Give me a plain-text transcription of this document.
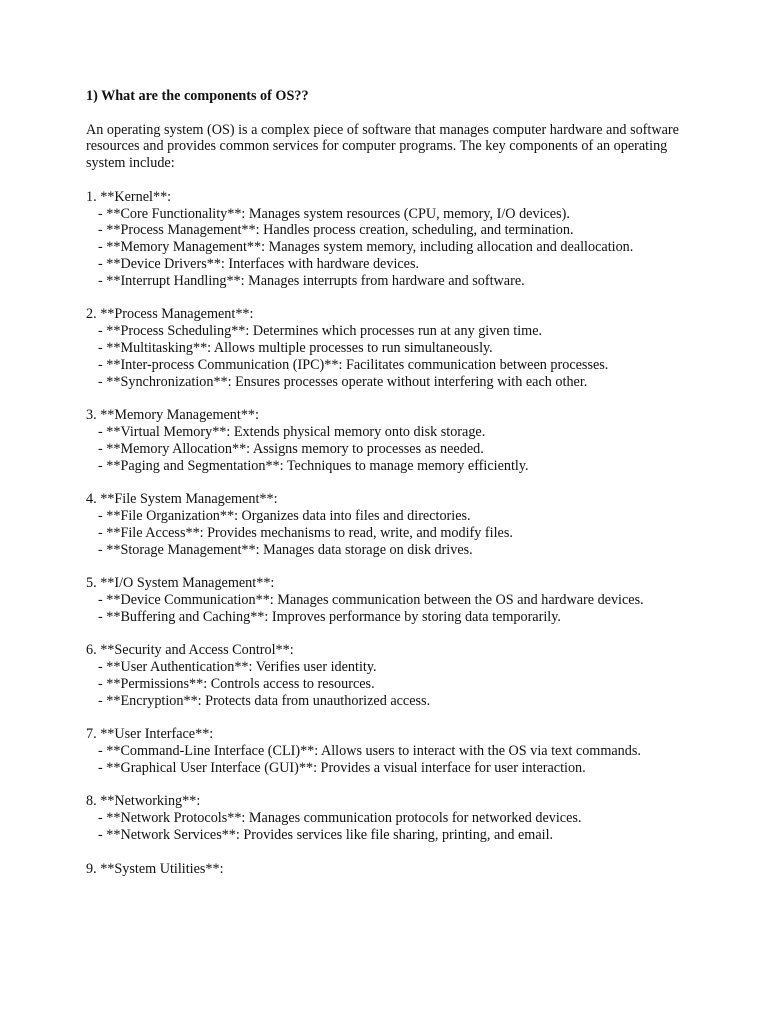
1) What are the components of OS??

An operating system (OS) is a complex piece of software that manages computer hardware and software resources and provides common services for computer programs. The key components of an operating system include:

1. **Kernel**:

- **Core Functionality**: Manages system resources (CPU, memory, I/O devices).

- **Process Management**: Handles process creation, scheduling, and termination.

- **Memory Management**: Manages system memory, including allocation and deallocation.

- **Device Drivers**: Interfaces with hardware devices.

- **Interrupt Handling**: Manages interrupts from hardware and software.

2. **Process Management**:

- **Process Scheduling**: Determines which processes run at any given time.

- **Multitasking**: Allows multiple processes to run simultaneously.

- **Inter-process Communication (IPC)**: Facilitates communication between processes.

- **Synchronization**: Ensures processes operate without interfering with each other.

3. **Memory Management**:

- **Virtual Memory**: Extends physical memory onto disk storage.

- **Memory Allocation**: Assigns memory to processes as needed.

- **Paging and Segmentation**: Techniques to manage memory efficiently.

4. **File System Management**:

- **File Organization**: Organizes data into files and directories.

- **File Access**: Provides mechanisms to read, write, and modify files.

- **Storage Management**: Manages data storage on disk drives.

5. **I/O System Management**:

- **Device Communication**: Manages communication between the OS and hardware devices.

- **Buffering and Caching**: Improves performance by storing data temporarily.

6. **Security and Access Control**:

- **User Authentication**: Verifies user identity.

- **Permissions**: Controls access to resources.

- **Encryption**: Protects data from unauthorized access.

7. **User Interface**:

- **Command-Line Interface (CLI)**: Allows users to interact with the OS via text commands.

- **Graphical User Interface (GUI)**: Provides a visual interface for user interaction.

8. **Networking**:

- **Network Protocols**: Manages communication protocols for networked devices.

- **Network Services**: Provides services like file sharing, printing, and email.

9. **System Utilities**:
